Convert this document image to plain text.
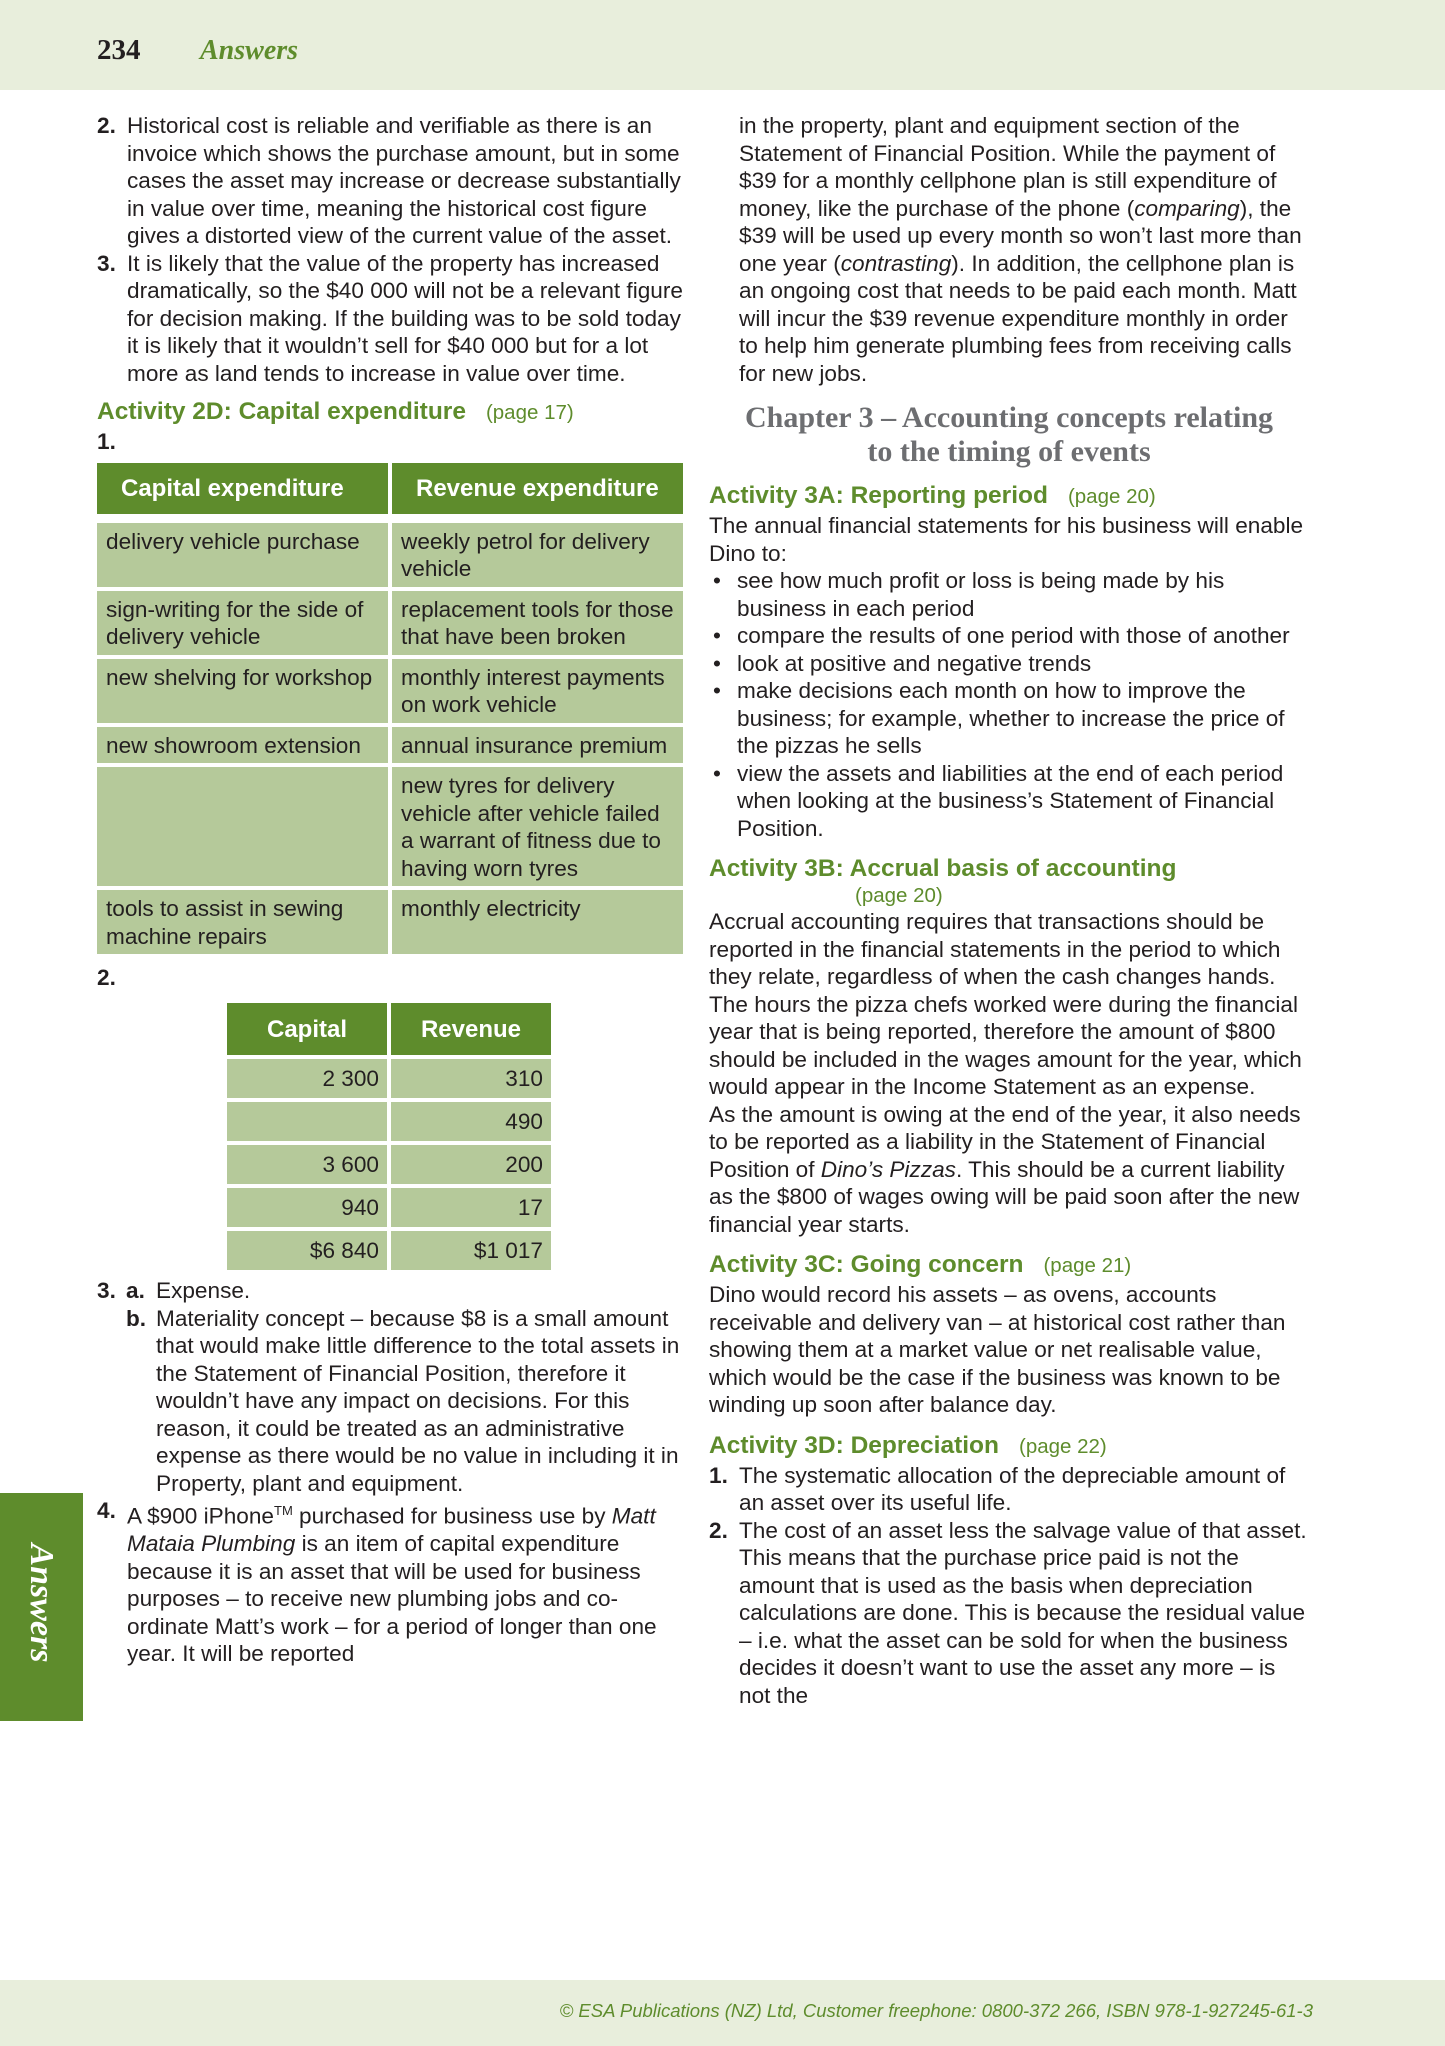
234 Answers
Answers
2. Historical cost is reliable and verifiable as there is an invoice which shows the purchase amount, but in some cases the asset may increase or decrease substantially in value over time, meaning the historical cost figure gives a distorted view of the current value of the asset.
3. It is likely that the value of the property has increased dramatically, so the $40 000 will not be a relevant figure for decision making. If the building was to be sold today it is likely that it wouldn’t sell for $40 000 but for a lot more as land tends to increase in value over time.
Activity 2D: Capital expenditure (page 17)
1.
Capital expenditure	Revenue expenditure

delivery vehicle purchase	weekly petrol for delivery vehicle
sign-writing for the side of delivery vehicle	replacement tools for those that have been broken
new shelving for workshop	monthly interest payments on work vehicle
new showroom extension	annual insurance premium
	new tyres for delivery vehicle after vehicle failed a warrant of fitness due to having worn tyres
tools to assist in sewing machine repairs	monthly electricity
2.
Capital	Revenue
2 300	310
	490
3 600	200
940	17
$6 840	$1 017
3. a. Expense.
b. Materiality concept – because $8 is a small amount that would make little difference to the total assets in the Statement of Financial Position, therefore it wouldn’t have any impact on decisions. For this reason, it could be treated as an administrative expense as there would be no value in including it in Property, plant and equipment.
4. A $900 iPhone™ purchased for business use by Matt Mataia Plumbing is an item of capital expenditure because it is an asset that will be used for business purposes – to receive new plumbing jobs and co-ordinate Matt’s work – for a period of longer than one year. It will be reported

in the property, plant and equipment section of the Statement of Financial Position. While the payment of $39 for a monthly cellphone plan is still expenditure of money, like the purchase of the phone (comparing), the $39 will be used up every month so won’t last more than one year (contrasting). In addition, the cellphone plan is an ongoing cost that needs to be paid each month. Matt will incur the $39 revenue expenditure monthly in order to help him generate plumbing fees from receiving calls for new jobs.

Chapter 3 – Accounting concepts relating
to the timing of events
Activity 3A: Reporting period (page 20)

The annual financial statements for his business will enable Dino to:

• see how much profit or loss is being made by his business in each period
• compare the results of one period with those of another
• look at positive and negative trends
• make decisions each month on how to improve the business; for example, whether to increase the price of the pizzas he sells
• view the assets and liabilities at the end of each period when looking at the business’s Statement of Financial Position.
Activity 3B: Accrual basis of accounting
(page 20)

Accrual accounting requires that transactions should be reported in the financial statements in the period to which they relate, regardless of when the cash changes hands.

The hours the pizza chefs worked were during the financial year that is being reported, therefore the amount of $800 should be included in the wages amount for the year, which would appear in the Income Statement as an expense.

As the amount is owing at the end of the year, it also needs to be reported as a liability in the Statement of Financial Position of Dino’s Pizzas. This should be a current liability as the $800 of wages owing will be paid soon after the new financial year starts.

Activity 3C: Going concern (page 21)

Dino would record his assets – as ovens, accounts receivable and delivery van – at historical cost rather than showing them at a market value or net realisable value, which would be the case if the business was known to be winding up soon after balance day.

Activity 3D: Depreciation (page 22)
1. The systematic allocation of the depreciable amount of an asset over its useful life.
2. The cost of an asset less the salvage value of that asset. This means that the purchase price paid is not the amount that is used as the basis when depreciation calculations are done. This is because the residual value – i.e. what the asset can be sold for when the business decides it doesn’t want to use the asset any more – is not the
© ESA Publications (NZ) Ltd, Customer freephone: 0800-372 266, ISBN 978-1-927245-61-3
